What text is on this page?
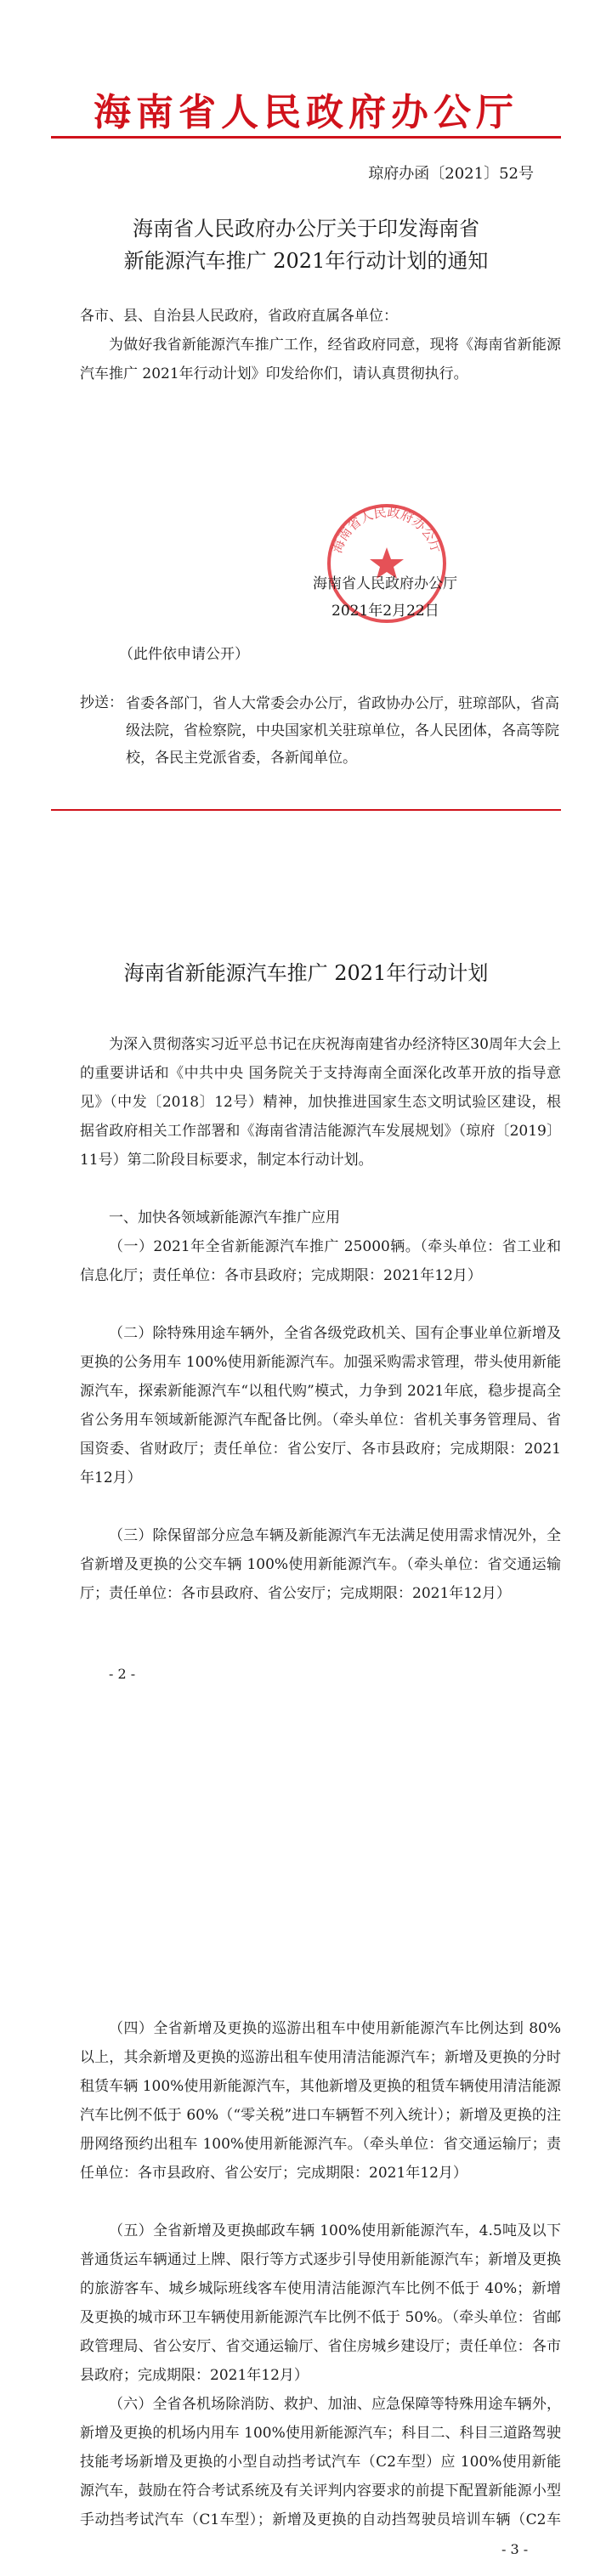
海南省人民政府办公厅
琼府办函〔2021〕52号
海南省人民政府办公厅关于印发海南省
新能源汽车推广 2021年行动计划的通知
各市、县、自治县人民政府，省政府直属各单位：
为做好我省新能源汽车推广工作，经省政府同意，现将《海南省新能源汽车推广 2021年行动计划》印发给你们，请认真贯彻执行。
海南省人民政府办公厅
海南省人民政府办公厅
2021年2月22日
（此件依申请公开）
抄送： 省委各部门，省人大常委会办公厅，省政协办公厅，驻琼部队，省高级法院，省检察院，中央国家机关驻琼单位，各人民团体，各高等院校，各民主党派省委，各新闻单位。
海南省新能源汽车推广 2021年行动计划
为深入贯彻落实习近平总书记在庆祝海南建省办经济特区30周年大会上的重要讲话和《中共中央 国务院关于支持海南全面深化改革开放的指导意见》（中发〔2018〕12号）精神，加快推进国家生态文明试验区建设，根据省政府相关工作部署和《海南省清洁能源汽车发展规划》（琼府〔2019〕11号）第二阶段目标要求，制定本行动计划。
一、加快各领域新能源汽车推广应用
（一）2021年全省新能源汽车推广 25000辆。（牵头单位：省工业和信息化厅；责任单位：各市县政府；完成期限：2021年12月）
（二）除特殊用途车辆外，全省各级党政机关、国有企事业单位新增及更换的公务用车 100%使用新能源汽车。加强采购需求管理，带头使用新能源汽车，探索新能源汽车“以租代购”模式，力争到 2021年底，稳步提高全省公务用车领域新能源汽车配备比例。（牵头单位：省机关事务管理局、省国资委、省财政厅；责任单位：省公安厅、各市县政府；完成期限：2021年12月）
（三）除保留部分应急车辆及新能源汽车无法满足使用需求情况外，全省新增及更换的公交车辆 100%使用新能源汽车。（牵头单位：省交通运输厅；责任单位：各市县政府、省公安厅；完成期限：2021年12月）
- 2 -
（四）全省新增及更换的巡游出租车中使用新能源汽车比例达到 80%以上，其余新增及更换的巡游出租车使用清洁能源汽车；新增及更换的分时租赁车辆 100%使用新能源汽车，其他新增及更换的租赁车辆使用清洁能源汽车比例不低于 60%（“零关税”进口车辆暂不列入统计）；新增及更换的注册网络预约出租车 100%使用新能源汽车。（牵头单位：省交通运输厅；责任单位：各市县政府、省公安厅；完成期限：2021年12月）
（五）全省新增及更换邮政车辆 100%使用新能源汽车，4.5吨及以下普通货运车辆通过上牌、限行等方式逐步引导使用新能源汽车；新增及更换的旅游客车、城乡城际班线客车使用清洁能源汽车比例不低于 40%；新增及更换的城市环卫车辆使用新能源汽车比例不低于 50%。（牵头单位：省邮政管理局、省公安厅、省交通运输厅、省住房城乡建设厅；责任单位：各市县政府；完成期限：2021年12月）
（六）全省各机场除消防、救护、加油、应急保障等特殊用途车辆外，新增及更换的机场内用车 100%使用新能源汽车；科目二、科目三道路驾驶技能考场新增及更换的小型自动挡考试汽车（C2车型）应 100%使用新能源汽车，鼓励在符合考试系统及有关评判内容要求的前提下配置新能源小型手动挡考试汽车（C1车型）；新增及更换的自动挡驾驶员培训车辆（C2车
- 3 -
